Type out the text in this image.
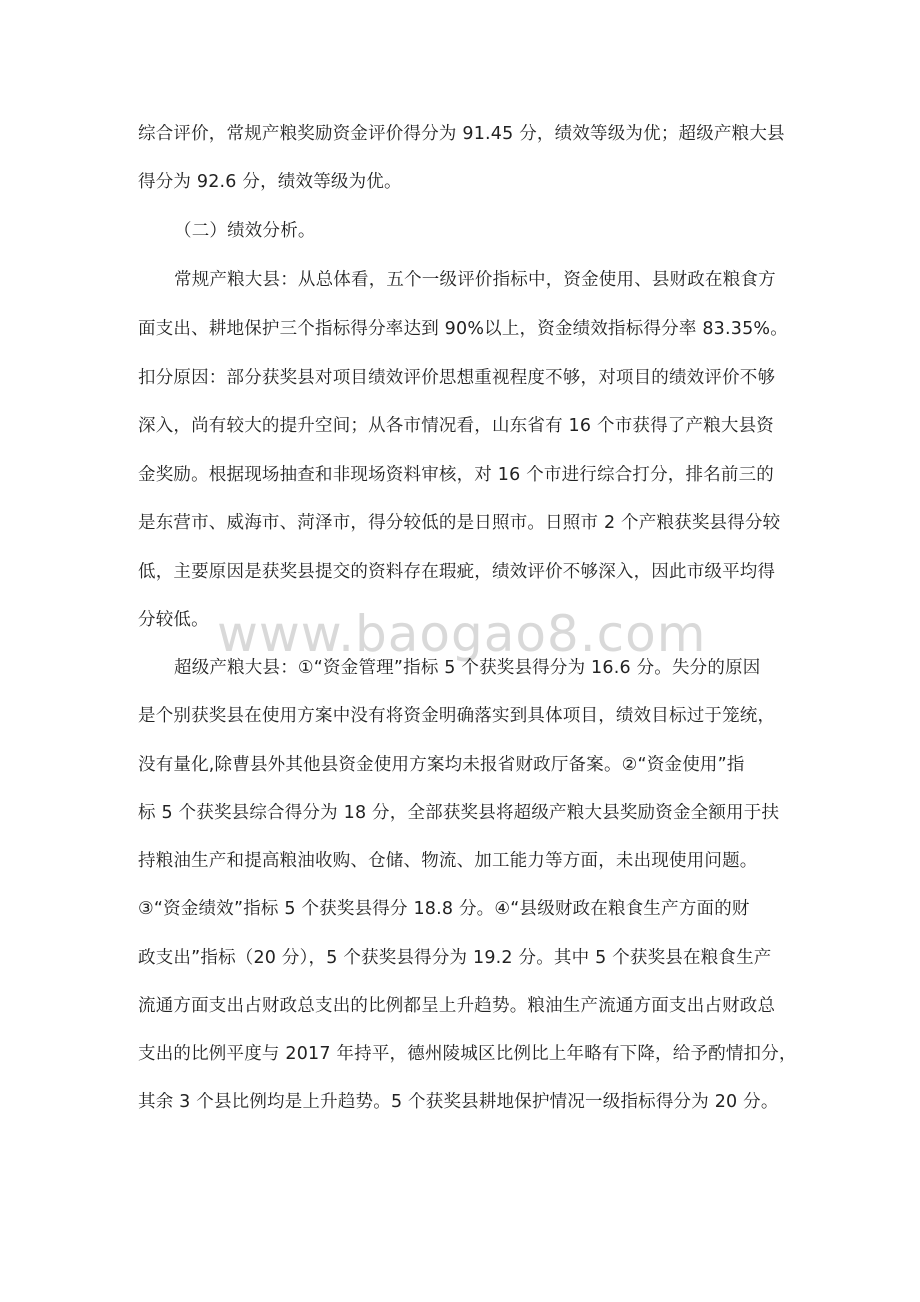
www.baogao8.com
综合评价，常规产粮奖励资金评价得分为 91.45 分，绩效等级为优；超级产粮大县
得分为 92.6 分，绩效等级为优。
（二）绩效分析。
常规产粮大县：从总体看，五个一级评价指标中，资金使用、县财政在粮食方
面支出、耕地保护三个指标得分率达到 90%以上，资金绩效指标得分率 83.35%。
扣分原因：部分获奖县对项目绩效评价思想重视程度不够，对项目的绩效评价不够
深入，尚有较大的提升空间；从各市情况看，山东省有 16 个市获得了产粮大县资
金奖励。根据现场抽查和非现场资料审核，对 16 个市进行综合打分，排名前三的
是东营市、威海市、菏泽市，得分较低的是日照市。日照市 2 个产粮获奖县得分较
低，主要原因是获奖县提交的资料存在瑕疵，绩效评价不够深入，因此市级平均得
分较低。
超级产粮大县：①“资金管理”指标 5 个获奖县得分为 16.6 分。失分的原因
是个别获奖县在使用方案中没有将资金明确落实到具体项目，绩效目标过于笼统，
没有量化,除曹县外其他县资金使用方案均未报省财政厅备案。②“资金使用”指
标 5 个获奖县综合得分为 18 分，全部获奖县将超级产粮大县奖励资金全额用于扶
持粮油生产和提高粮油收购、仓储、物流、加工能力等方面，未出现使用问题。
③“资金绩效”指标 5 个获奖县得分 18.8 分。④“县级财政在粮食生产方面的财
政支出”指标（20 分），5 个获奖县得分为 19.2 分。其中 5 个获奖县在粮食生产
流通方面支出占财政总支出的比例都呈上升趋势。粮油生产流通方面支出占财政总
支出的比例平度与 2017 年持平，德州陵城区比例比上年略有下降，给予酌情扣分，
其余 3 个县比例均是上升趋势。5 个获奖县耕地保护情况一级指标得分为 20 分。
